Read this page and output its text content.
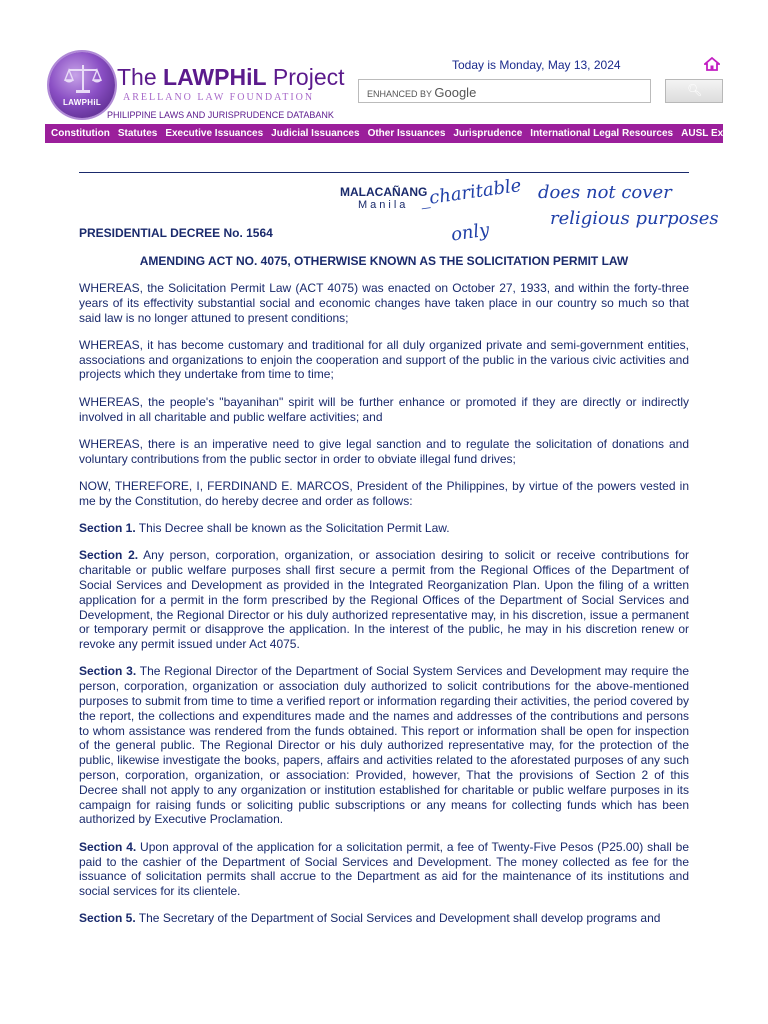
LAWPHiL
The LAWPHiL Project
ARELLANO LAW FOUNDATION
PHILIPPINE LAWS AND JURISPRUDENCE DATABANK
Today is Monday, May 13, 2024
ENHANCED BY Google	🔍︎
Constitution Statutes Executive Issuances Judicial Issuances Other Issuances Jurisprudence International Legal Resources AUSL Exclusive
MALACAÑANG
Manila _charitable
only
does not cover
religious purposes
PRESIDENTIAL DECREE No. 1564
AMENDING ACT NO. 4075, OTHERWISE KNOWN AS THE SOLICITATION PERMIT LAW

WHEREAS, the Solicitation Permit Law (ACT 4075) was enacted on October 27, 1933, and within the forty-three years of its effectivity substantial social and economic changes have taken place in our country so much so that said law is no longer attuned to present conditions;

WHEREAS, it has become customary and traditional for all duly organized private and semi-government entities, associations and organizations to enjoin the cooperation and support of the public in the various civic activities and projects which they undertake from time to time;

WHEREAS, the people's "bayanihan" spirit will be further enhance or promoted if they are directly or indirectly involved in all charitable and public welfare activities; and

WHEREAS, there is an imperative need to give legal sanction and to regulate the solicitation of donations and voluntary contributions from the public sector in order to obviate illegal fund drives;

NOW, THEREFORE, I, FERDINAND E. MARCOS, President of the Philippines, by virtue of the powers vested in me by the Constitution, do hereby decree and order as follows:

Section 1. This Decree shall be known as the Solicitation Permit Law.

Section 2. Any person, corporation, organization, or association desiring to solicit or receive contributions for charitable or public welfare purposes shall first secure a permit from the Regional Offices of the Department of Social Services and Development as provided in the Integrated Reorganization Plan. Upon the filing of a written application for a permit in the form prescribed by the Regional Offices of the Department of Social Services and Development, the Regional Director or his duly authorized representative may, in his discretion, issue a permanent or temporary permit or disapprove the application. In the interest of the public, he may in his discretion renew or revoke any permit issued under Act 4075.

Section 3. The Regional Director of the Department of Social System Services and Development may require the person, corporation, organization or association duly authorized to solicit contributions for the above-mentioned purposes to submit from time to time a verified report or information regarding their activities, the period covered by the report, the collections and expenditures made and the names and addresses of the contributions and persons to whom assistance was rendered from the funds obtained. This report or information shall be open for inspection of the general public. The Regional Director or his duly authorized representative may, for the protection of the public, likewise investigate the books, papers, affairs and activities related to the aforestated purposes of any such person, corporation, organization, or association: Provided, however, That the provisions of Section 2 of this Decree shall not apply to any organization or institution established for charitable or public welfare purposes in its campaign for raising funds or soliciting public subscriptions or any means for collecting funds which has been authorized by Executive Proclamation.

Section 4. Upon approval of the application for a solicitation permit, a fee of Twenty-Five Pesos (P25.00) shall be paid to the cashier of the Department of Social Services and Development. The money collected as fee for the issuance of solicitation permits shall accrue to the Department as aid for the maintenance of its institutions and social services for its clientele.

Section 5. The Secretary of the Department of Social Services and Development shall develop programs and
